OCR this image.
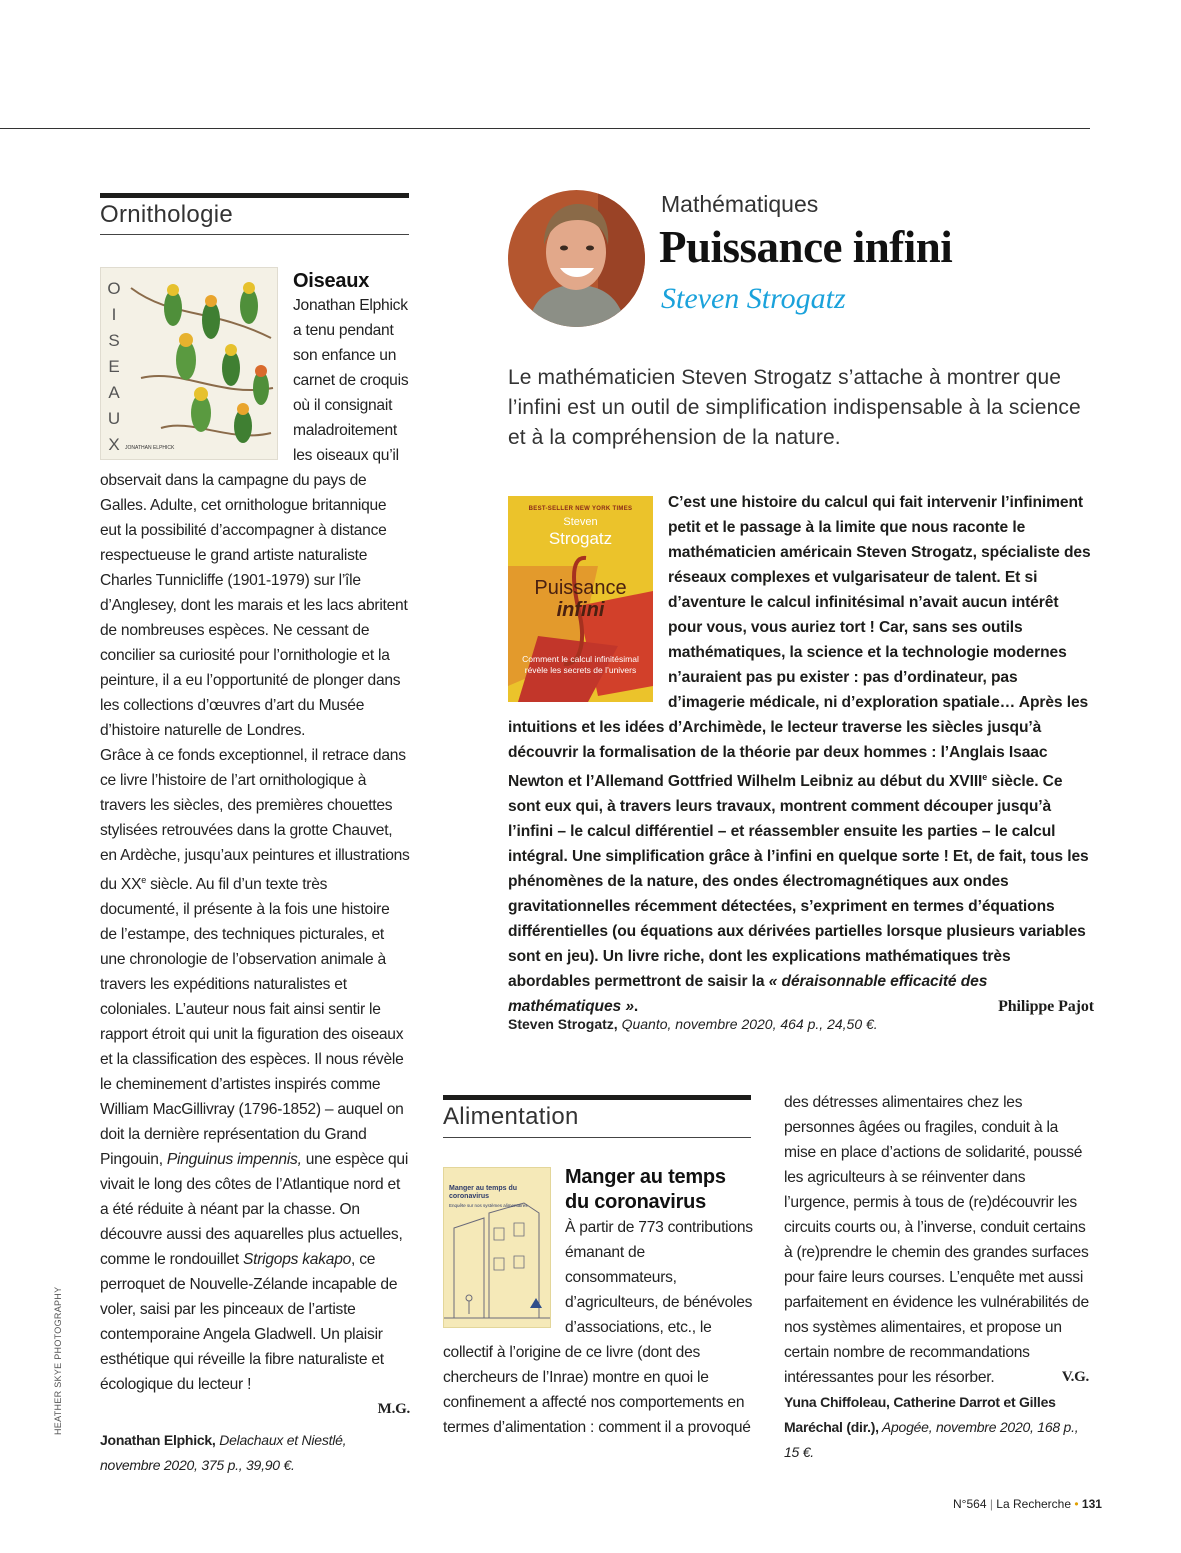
Ornithologie
O
I
S
E
A
U
X JONATHAN ELPHICK
Oiseaux
Jonathan Elphick a tenu pendant son enfance un carnet de croquis où il consignait maladroitement les oiseaux qu’il observait dans la campagne du pays de Galles. Adulte, cet ornithologue britannique eut la possibilité d’accompagner à distance respectueuse le grand artiste naturaliste Charles Tunnicliffe (1901-1979) sur l’île d’Anglesey, dont les marais et les lacs abritent de nombreuses espèces. Ne cessant de concilier sa curiosité pour l’ornithologie et la peinture, il a eu l’opportunité de plonger dans les collections d’œuvres d’art du Musée d’histoire naturelle de Londres.
Grâce à ce fonds exceptionnel, il retrace dans ce livre l’histoire de l’art ornithologique à travers les siècles, des premières chouettes stylisées retrouvées dans la grotte Chauvet, en Ardèche, jusqu’aux peintures et illustrations du XXe siècle. Au fil d’un texte très documenté, il présente à la fois une histoire de l’estampe, des techniques picturales, et une chronologie de l’observation animale à travers les expéditions naturalistes et coloniales. L’auteur nous fait ainsi sentir le rapport étroit qui unit la figuration des oiseaux et la classification des espèces. Il nous révèle le cheminement d’artistes inspirés comme William MacGillivray (1796-1852) – auquel on doit la dernière représentation du Grand Pingouin, Pinguinus impennis, une espèce qui vivait le long des côtes de l’Atlantique nord et a été réduite à néant par la chasse. On découvre aussi des aquarelles plus actuelles, comme le rondouillet Strigops kakapo, ce perroquet de Nouvelle-Zélande incapable de voler, saisi par les pinceaux de l’artiste contemporaine Angela Gladwell. Un plaisir esthétique qui réveille la fibre naturaliste et écologique du lecteur !
M.G.
Jonathan Elphick, Delachaux et Niestlé, novembre 2020, 375 p., 39,90 €.
Mathématiques
Puissance infini
Steven Strogatz
Le mathématicien Steven Strogatz s’attache à montrer que l’infini est un outil de simplification indispensable à la science et à la compréhension de la nature.
BEST-SELLER NEW YORK TIMES
Steven
Strogatz
Puissance
infini
Comment le calcul infinitésimal révèle les secrets de l’univers
C’est une histoire du calcul qui fait intervenir l’infiniment petit et le passage à la limite que nous raconte le mathématicien américain Steven Strogatz, spécialiste des réseaux complexes et vulgarisateur de talent. Et si d’aventure le calcul infinitésimal n’avait aucun intérêt pour vous, vous auriez tort ! Car, sans ses outils mathématiques, la science et la technologie modernes n’auraient pas pu exister : pas d’ordinateur, pas d’imagerie médicale, ni d’exploration spatiale… Après les intuitions et les idées d’Archimède, le lecteur traverse les siècles jusqu’à découvrir la formalisation de la théorie par deux hommes : l’Anglais Isaac Newton et l’Allemand Gottfried Wilhelm Leibniz au début du XVIIIe siècle. Ce sont eux qui, à travers leurs travaux, montrent comment découper jusqu’à l’infini – le calcul différentiel – et réassembler ensuite les parties – le calcul intégral. Une simplification grâce à l’infini en quelque sorte ! Et, de fait, tous les phénomènes de la nature, des ondes électromagnétiques aux ondes gravitationnelles récemment détectées, s’expriment en termes d’équations différentielles (ou équations aux dérivées partielles lorsque plusieurs variables sont en jeu). Un livre riche, dont les explications mathématiques très abordables permettront de saisir la « déraisonnable efficacité des mathématiques ».	Philippe Pajot
Steven Strogatz, Quanto, novembre 2020, 464 p., 24,50 €.
Alimentation
Manger au temps du coronavirus
Enquête sur nos systèmes alimentaires
Manger au temps du coronavirus
À partir de 773 contributions émanant de consommateurs, d’agriculteurs, de bénévoles d’associations, etc., le collectif à l’origine de ce livre (dont des chercheurs de l’Inrae) montre en quoi le confinement a affecté nos comportements en termes d’alimentation : comment il a provoqué
des détresses alimentaires chez les personnes âgées ou fragiles, conduit à la mise en place d’actions de solidarité, poussé les agriculteurs à se réinventer dans l’urgence, permis à tous de (re)découvrir les circuits courts ou, à l’inverse, conduit certains à (re)prendre le chemin des grandes surfaces pour faire leurs courses. L’enquête met aussi parfaitement en évidence les vulnérabilités de nos systèmes alimentaires, et propose un certain nombre de recommandations intéressantes pour les résorber.	V.G.
Yuna Chiffoleau, Catherine Darrot et Gilles Maréchal (dir.), Apogée, novembre 2020, 168 p., 15 €.
HEATHER SKYE PHOTOGRAPHY
N°564 | La Recherche • 131
